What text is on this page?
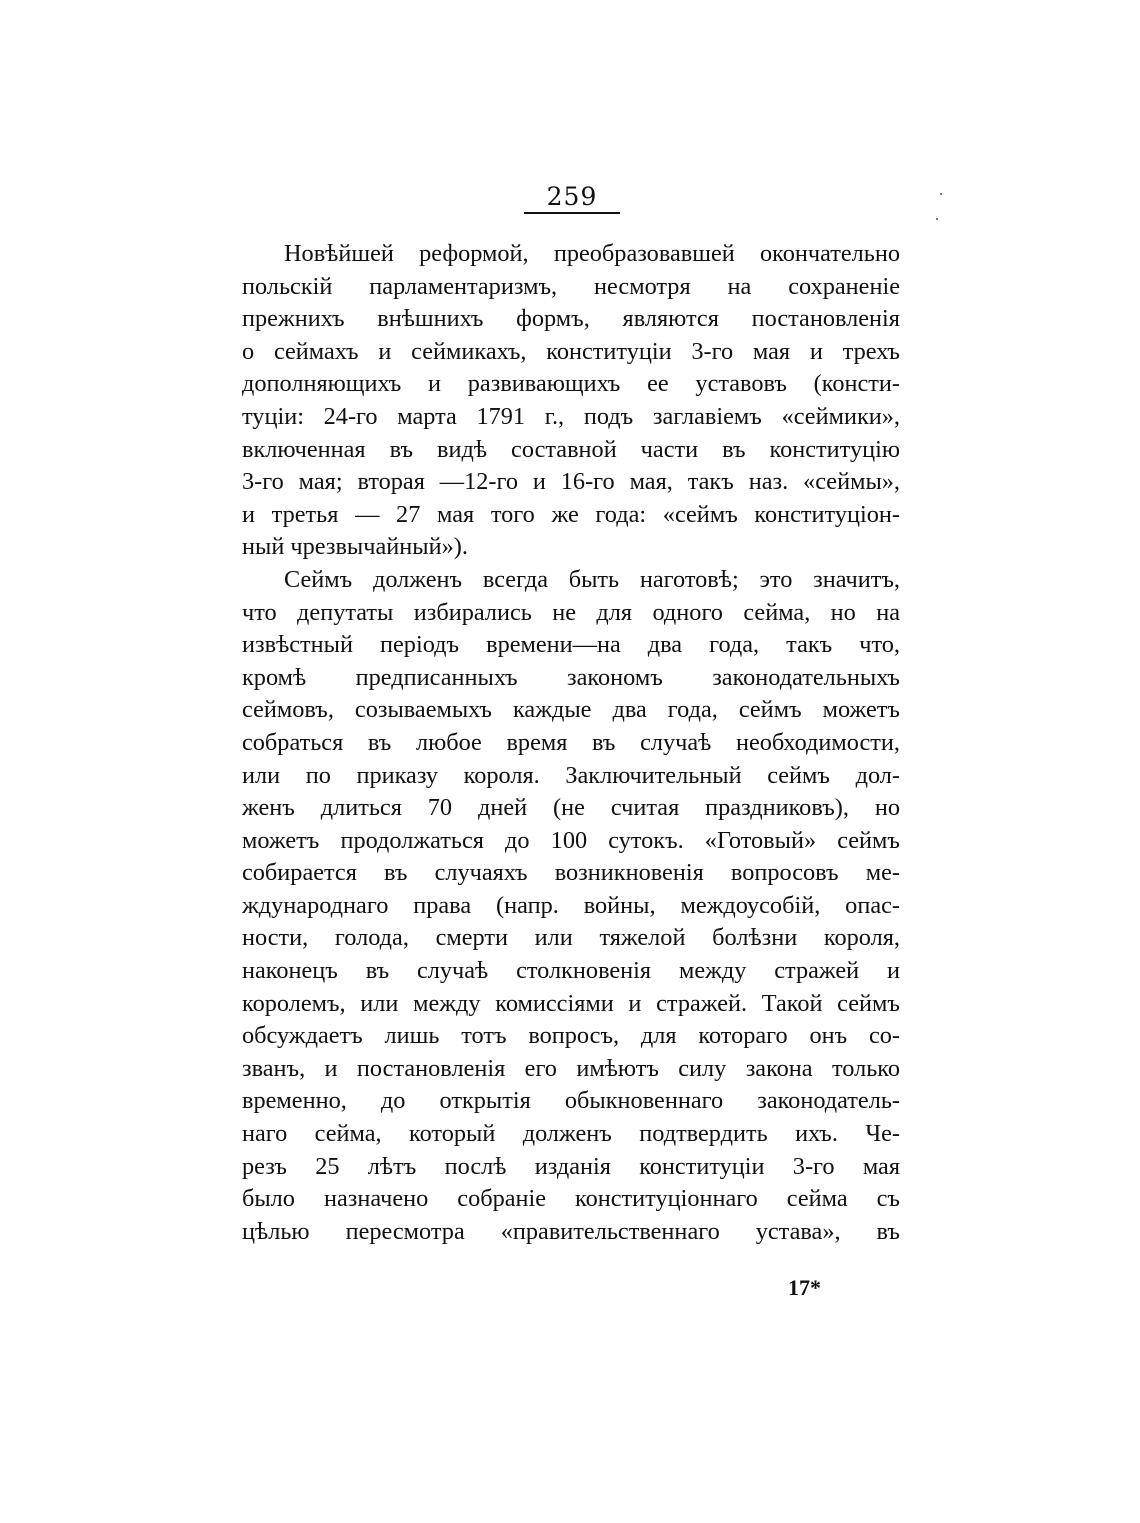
259
Новѣйшей реформой, преобразовавшей окончательно
польскій парламентаризмъ, несмотря на сохраненіе
прежнихъ внѣшнихъ формъ, являются постановленія
о сеймахъ и сеймикахъ, конституціи 3-го мая и трехъ
дополняющихъ и развивающихъ ее уставовъ (консти-
туціи: 24-го марта 1791 г., подъ заглавіемъ «сеймики»,
включенная въ видѣ составной части въ конституцію
3-го мая; вторая —12-го и 16-го мая, такъ наз. «сеймы»,
и третья — 27 мая того же года: «сеймъ конституціон-
ный чрезвычайный»).
Сеймъ долженъ всегда быть наготовѣ; это значитъ,
что депутаты избирались не для одного сейма, но на
извѣстный періодъ времени—на два года, такъ что,
кромѣ предписанныхъ закономъ законодательныхъ
сеймовъ, созываемыхъ каждые два года, сеймъ можетъ
собраться въ любое время въ случаѣ необходимости,
или по приказу короля. Заключительный сеймъ дол-
женъ длиться 70 дней (не считая праздниковъ), но
можетъ продолжаться до 100 сутокъ. «Готовый» сеймъ
собирается въ случаяхъ возникновенія вопросовъ ме-
ждународнаго права (напр. войны, междоусобій, опас-
ности, голода, смерти или тяжелой болѣзни короля,
наконецъ въ случаѣ столкновенія между стражей и
королемъ, или между комиссіями и стражей. Такой сеймъ
обсуждаетъ лишь тотъ вопросъ, для котораго онъ со-
званъ, и постановленія его имѣютъ силу закона только
временно, до открытія обыкновеннаго законодатель-
наго сейма, который долженъ подтвердить ихъ. Че-
резъ 25 лѣтъ послѣ изданія конституціи 3-го мая
было назначено собраніе конституціоннаго сейма съ
цѣлью пересмотра «правительственнаго устава», въ
17*
